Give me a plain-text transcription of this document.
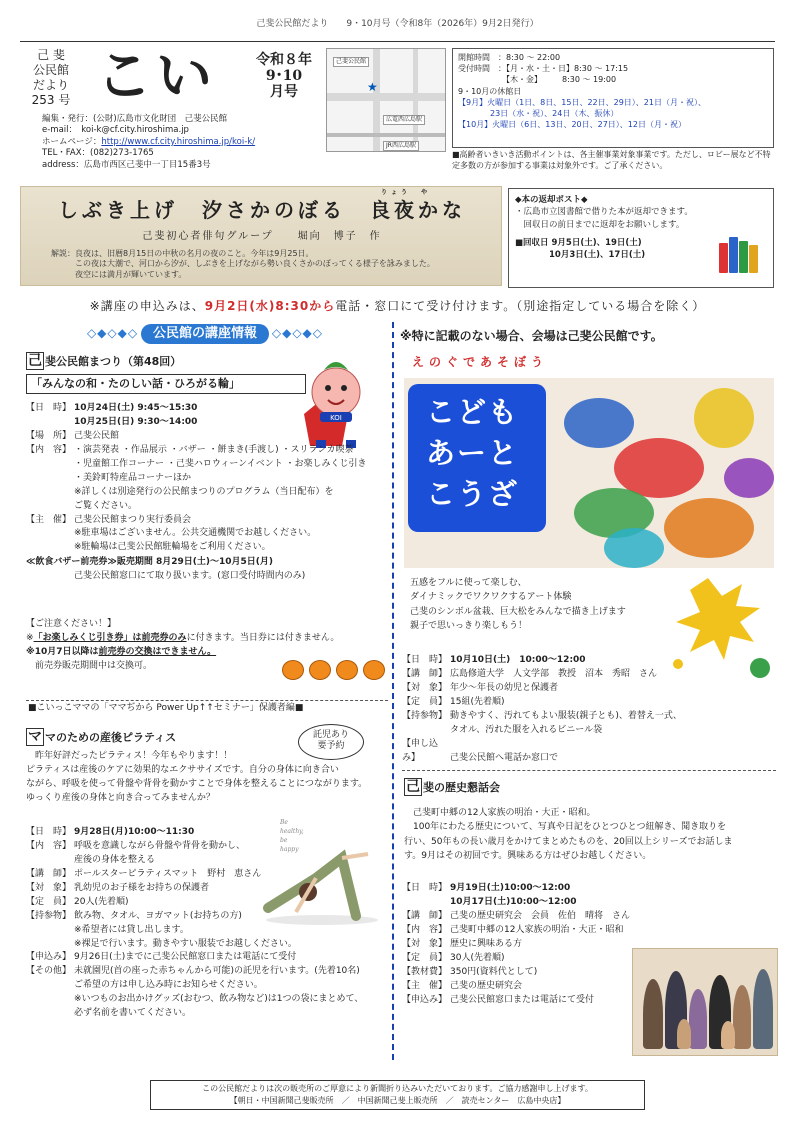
己斐公民館だより　　9・10月号（令和8年（2026年）9月2日発行）
己 斐
公民館
だより
253 号 こい	令和８年
9･10
月号
己斐公民館
★
広電西広島駅
JR西広島駅
編集・発行：(公財)広島市文化財団　己斐公民館
e-mail：　koi-k@cf.city.hiroshima.jp
ホームページ：http://www.cf.city.hiroshima.jp/koi-k/
TEL・FAX：(082)273-1765
address：広島市西区己斐中一丁目15番3号
開館時間　：8:30 〜 22:00
受付時間　：【月・水・土・日】8:30 〜 17:15
　　　　　　【木・金】　　　8:30 〜 19:00
9・10月の休館日
【9月】火曜日（1日、8日、15日、22日、29日）、21日（月・祝）、
　　　　23日（水・祝）、24日（木、振休）
【10月】火曜日（6日、13日、20日、27日）、12日（月・祝）
■高齢者いきいき活動ポイントは、各主催事業対象事業です。ただし、ロビー展など不特定多数の方が参加する事業は対象外です。ご了承ください。
りょう　や
しぶき上げ　汐さかのぼる　良夜かな
己斐初心者俳句グループ　　堀向　博子　作
解説：良夜は、旧暦8月15日の中秋の名月の夜のこと。今年は9月25日。
　　　この夜は大潮で、河口から汐が、しぶきを上げながら勢い良くさかのぼってくる様子を詠みました。
　　　夜空には満月が輝いています。
◆本の返却ポスト◆
・広島市立図書館で借りた本が返却できます。
　回収日の前日までに返却をお願いします。
■回収日 9月5日(土)、19日(土)
　　　　10月3日(土)、17日(土)
※講座の申込みは、9月2日(水)8:30から電話・窓口にて受け付けます。（別途指定している場合を除く）
◇◆◇◆◇ 公民館の講座情報 ◇◆◇◆◇
己 斐公民館まつり（第48回）
「みんなの和・たのしい話・ひろがる輪」
KOI
【日　時】 10月24日(土) 9:45〜15:30
10月25日(日) 9:30〜14:00
【場　所】 己斐公民館
【内　容】 ・演芸発表 ・作品展示 ・バザー ・餅まき(手渡し) ・スリランカ喫茶
・児童館工作コーナー ・己斐ハロウィーンイベント ・お楽しみくじ引き
・美鈴町特産品コーナーほか
※詳しくは別途発行の公民館まつりのプログラム（当日配布）を
ご覧ください。
【主　催】 己斐公民館まつり実行委員会
※駐車場はございません。公共交通機関でお越しください。
※駐輪場は己斐公民館駐輪場をご利用ください。
≪飲食バザー前売券≫販売期間 8月29日(土)〜10月5日(月)
己斐公民館窓口にて取り扱います。(窓口受付時間内のみ)
【ご注意ください！】
※「お楽しみくじ引き券」は前売券のみに付きます。当日券には付きません。
※10月7日以降は前売券の交換はできません。
　前売券販売期間中は交換可。
■こいっこママの「ママぢから Power Up↑↑セミナー」保護者編■
マ マのための産後ピラティス	託児あり
要予約
　昨年好評だったピラティス！今年もやります！！
ピラティスは産後のケアに効果的なエクササイズです。自分の身体に向き合い
ながら、呼吸を使って骨盤や背骨を動かすことで身体を整えることにつながります。
ゆっくり産後の身体と向き合ってみませんか？
Be
healthy,
be
happy
【日　時】 9月28日(月)10:00〜11:30
【内　容】 呼吸を意識しながら骨盤や背骨を動かし、
産後の身体を整える
【講　師】 ポールスターピラティスマット　野村　恵さん
【対　象】 乳幼児のお子様をお持ちの保護者
【定　員】 20人(先着順)
【持参物】 飲み物、タオル、ヨガマット(お持ちの方)
※希望者には貸し出します。
※裸足で行います。動きやすい服装でお越しください。
【申込み】 9月26日(土)までに己斐公民館窓口または電話にて受付
【その他】 未就園児(首の座った赤ちゃんから可能)の託児を行います。(先着10名)
ご希望の方は申し込み時にお知らせください。
※いつものお出かけグッズ(おむつ、飲み物など)は1つの袋にまとめて、
必ず名前を書いてください。
※特に記載のない場合、会場は己斐公民館です。
えのぐであそぼう
こども
あーと
こうざ
五感をフルに使って楽しむ、
ダイナミックでワクワクするアート体験
己斐のシンボル盆栽、巨大松をみんなで描き上げます
親子で思いっきり楽しもう！
【日　時】 10月10日(土)　10:00〜12:00
【講　師】 広島修道大学　人文学部　教授　沼本　秀昭　さん
【対　象】 年少〜年長の幼児と保護者
【定　員】 15組(先着順)
【持参物】 動きやすく、汚れてもよい服装(親子とも)、着替え一式、
タオル、汚れた服を入れるビニール袋
【申し込み】	己斐公民館へ電話か窓口で
己 斐の歴史懇話会
　己斐町中郷の12人家族の明治・大正・昭和。
　100年にわたる歴史について、写真や日記をひとつひとつ紐解き、聞き取りを
行い、50年もの長い歳月をかけてまとめたものを、20回以上シリーズでお話しま
す。9月はその初回です。興味ある方はぜひお越しください。
【日　時】 9月19日(土)10:00〜12:00
10月17日(土)10:00〜12:00
【講　師】 己斐の歴史研究会　会員　佐伯　晴将　さん
【内　容】 己斐町中郷の12人家族の明治・大正・昭和
【対　象】 歴史に興味ある方
【定　員】 30人(先着順)
【教材費】 350円(資料代として)
【主　催】 己斐の歴史研究会
【申込み】 己斐公民館窓口または電話にて受付
この公民館だよりは次の販売所のご厚意により新聞折り込みいただいております。ご協力感謝申し上げます。
【朝日・中国新聞己斐販売所　／　中国新聞己斐上販売所　／　読売センター　広島中央店】
